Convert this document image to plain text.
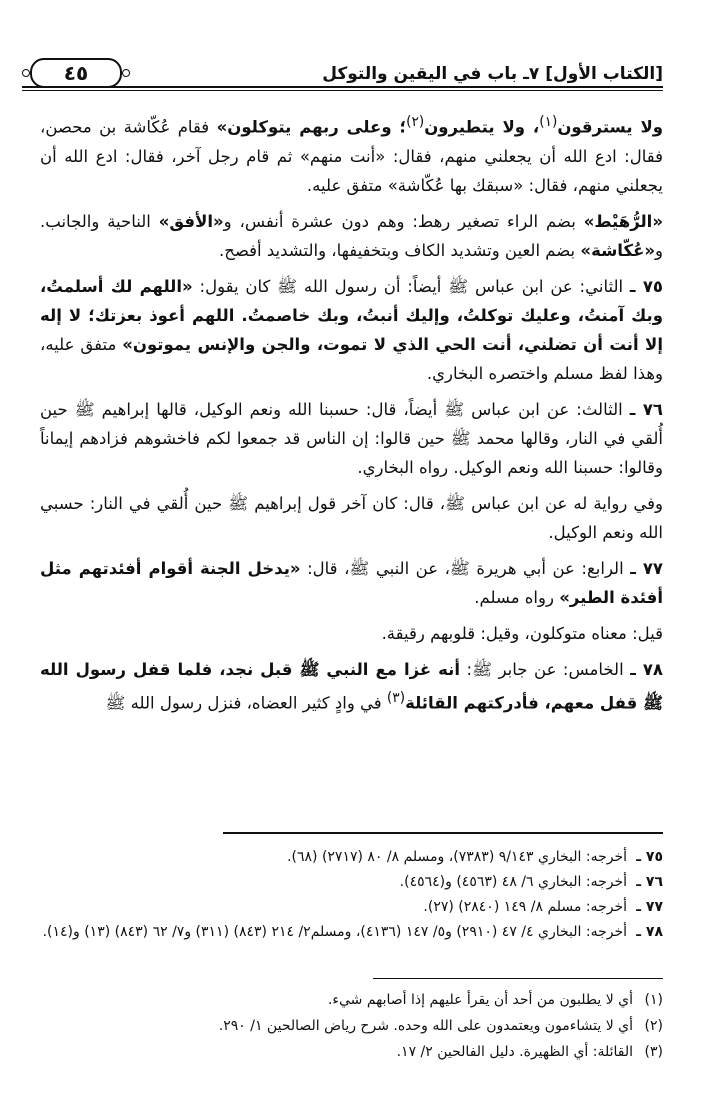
[الكتاب الأول] ٧ـ باب في اليقين والتوكل
٤٥

ولا يسترقون$^{(١)}$، ولا يتطيرون$^{(٢)}$؛ وعلى ربهم يتوكلون» فقام عُكّاشة بن محصن، فقال: ادع الله أن يجعلني منهم، فقال: «أنت منهم» ثم قام رجل آخر، فقال: ادع الله أن يجعلني منهم، فقال: «سبقك بها عُكّاشة» متفق عليه.

«الرُّهَيْط» بضم الراء تصغير رهط: وهم دون عشرة أنفس، و«الأفق» الناحية والجانب. و«عُكّاشة» بضم العين وتشديد الكاف وبتخفيفها، والتشديد أفصح.

٧٥ ـ الثاني: عن ابن عباس ﷺ أيضاً: أن رسول الله ﷺ كان يقول: «اللهم لك أسلمتُ، وبك آمنتُ، وعليك توكلتُ، وإليك أنبتُ، وبك خاصمتُ. اللهم أعوذ بعزتك؛ لا إله إلا أنت أن تضلني، أنت الحي الذي لا تموت، والجن والإنس يموتون» متفق عليه، وهذا لفظ مسلم واختصره البخاري.

٧٦ ـ الثالث: عن ابن عباس ﷺ أيضاً، قال: حسبنا الله ونعم الوكيل، قالها إبراهيم ﷺ حين أُلقي في النار، وقالها محمد ﷺ حين قالوا: إن الناس قد جمعوا لكم فاخشوهم فزادهم إيماناً وقالوا: حسبنا الله ونعم الوكيل. رواه البخاري.

وفي رواية له عن ابن عباس ﷺ، قال: كان آخر قول إبراهيم ﷺ حين أُلقي في النار: حسبي الله ونعم الوكيل.

٧٧ ـ الرابع: عن أبي هريرة ﷺ، عن النبي ﷺ، قال: «يدخل الجنة أقوام أفئدتهم مثل أفئدة الطير» رواه مسلم.

قيل: معناه متوكلون، وقيل: قلوبهم رقيقة.

٧٨ ـ الخامس: عن جابر ﷺ: أنه غزا مع النبي ﷺ قبل نجد، فلما قفل رسول الله ﷺ قفل معهم، فأدركتهم القائلة$^{(٣)}$ في وادٍ كثير العضاه، فنزل رسول الله ﷺ

٧٥ ـ
أخرجه: البخاري ٩/١٤٣ (٧٣٨٣)، ومسلم ٨/ ٨٠ (٢٧١٧) (٦٨).
٧٦ ـ
أخرجه: البخاري ٦/ ٤٨ (٤٥٦٣) و(٤٥٦٤).
٧٧ ـ
أخرجه: مسلم ٨/ ١٤٩ (٢٨٤٠) (٢٧).
٧٨ ـ
أخرجه: البخاري ٤/ ٤٧ (٢٩١٠) و٥/ ١٤٧ (٤١٣٦)، ومسلم٢/ ٢١٤ (٨٤٣) (٣١١) و٧/ ٦٢ (٨٤٣) (١٣) و(١٤).
(١)
أي لا يطلبون من أحد أن يقرأ عليهم إذا أصابهم شيء.
(٢)
أي لا يتشاءمون ويعتمدون على الله وحده. شرح رياض الصالحين ١/ ٢٩٠.
(٣)
القائلة: أي الظهيرة. دليل الفالحين ٢/ ١٧.
